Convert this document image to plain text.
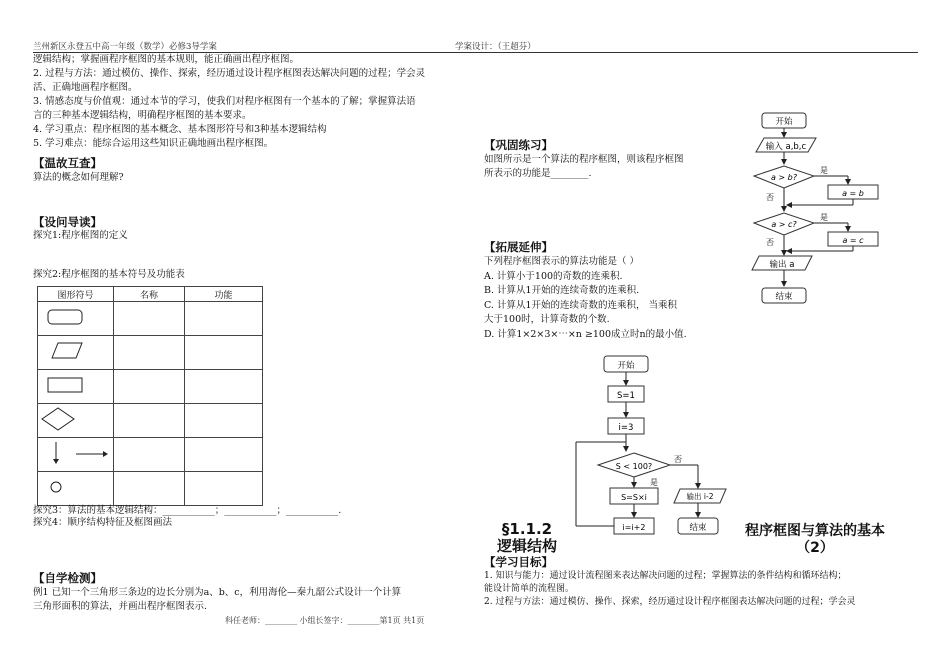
兰州新区永登五中高一年级（数学）必修3导学案	学案设计：（王超芬）
逻辑结构；掌握画程序框图的基本规则，能正确画出程序框图。
2. 过程与方法：通过模仿、操作、探索，经历通过设计程序框图表达解决问题的过程；学会灵
活、正确地画程序框图。
3. 情感态度与价值观：通过本节的学习，使我们对程序框图有一个基本的了解；掌握算法语
言的三种基本逻辑结构，明确程序框图的基本要求。
4. 学习重点：程序框图的基本概念、基本图形符号和3种基本逻辑结构
5. 学习难点：能综合运用这些知识正确地画出程序框图。
【温故互查】
算法的概念如何理解?
【设问导读】
探究1:程序框图的定义
探究2:程序框图的基本符号及功能表
图形符号	名称	功能

探究3：算法的基本逻辑结构：___________；___________；___________.
探究4：顺序结构特征及框图画法
【自学检测】
例1 已知一个三角形三条边的边长分别为a、b、c，利用海伦—秦九韶公式设计一个计算
三角形面积的算法，并画出程序框图表示.
科任老师：________ 小组长签字：________第1页 共1页
【巩固练习】
如图所示是一个算法的程序框图，则该程序框图
所表示的功能是________.
【拓展延伸】
下列程序框图表示的算法功能是（ ）
A. 计算小于100的奇数的连乘积.
B. 计算从1开始的连续奇数的连乘积.
C. 计算从1开始的连续奇数的连乘积， 当乘积
大于100时，计算奇数的个数.
D. 计算1×2×3×⋯×n ≥100成立时n的最小值.
开始
输入 a,b,c
a > b?
是
a = b
否
a > c?
是
a = c
否
输出 a
结束
开始
S=1
i=3
S < 100?
否
输出 i-2
结束
是
S=S×i
i=i+2
§1.1.2
逻辑结构
程序框图与算法的基本
（2）
【学习目标】
1. 知识与能力：通过设计流程图来表达解决问题的过程；掌握算法的条件结构和循环结构；
能设计简单的流程图。
2. 过程与方法：通过模仿、操作、探索，经历通过设计程序框图表达解决问题的过程；学会灵
